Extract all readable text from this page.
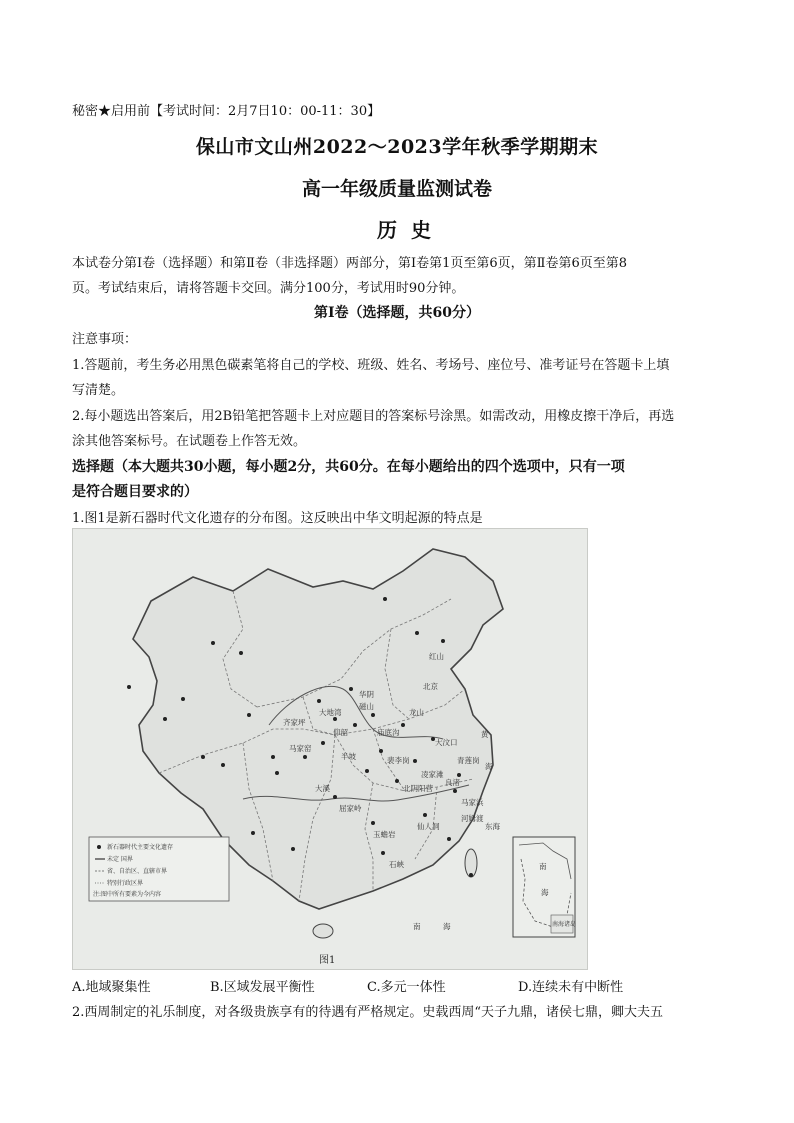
秘密★启用前【考试时间：2月7日10：00-11：30】
保山市文山州2022～2023学年秋季学期期末
高一年级质量监测试卷
历史
本试卷分第Ⅰ卷（选择题）和第Ⅱ卷（非选择题）两部分，第Ⅰ卷第1页至第6页，第Ⅱ卷第6页至第8
页。考试结束后，请将答题卡交回。满分100分，考试用时90分钟。
第Ⅰ卷（选择题，共60分）
注意事项：
1.答题前，考生务必用黑色碳素笔将自己的学校、班级、姓名、考场号、座位号、准考证号在答题卡上填
写清楚。
2.每小题选出答案后，用2B铅笔把答题卡上对应题目的答案标号涂黑。如需改动，用橡皮擦干净后，再选
涂其他答案标号。在试题卷上作答无效。
选择题（本大题共30小题，每小题2分，共60分。在每小题给出的四个选项中，只有一项
是符合题目要求的）
1.图1是新石器时代文化遗存的分布图。这反映出中华文明起源的特点是
红山
北京
华阴
大汶口
青莲岗
马家浜
河姆渡
良渚
屈家岭
大溪
仰韶	庙底沟
马家窑
大地湾
齐家坪
半坡
磁山
裴李岗
龙山
玉蟾岩
北阴阳营
凌家滩
仙人洞
石峡
黄
海
东海
南	海
新石器时代主要文化遗存
未定 国界
省、自治区、直辖市界
特别行政区界
注:图中所有要素为今内容
南
海
南海诸岛
图1
A.地域聚集性	B.区域发展平衡性	C.多元一体性	D.连续未有中断性
2.西周制定的礼乐制度，对各级贵族享有的待遇有严格规定。史载西周“天子九鼎，诸侯七鼎，卿大夫五
